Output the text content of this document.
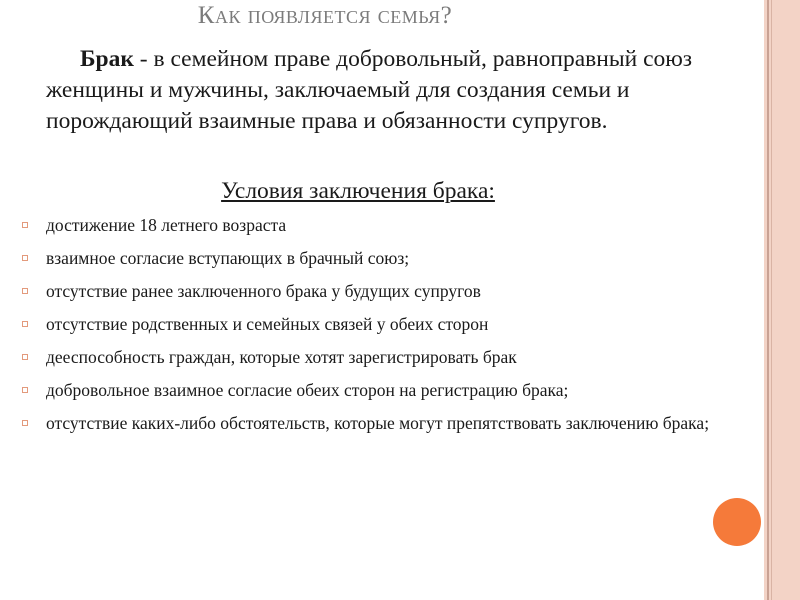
Как появляется семья?
Брак - в семейном праве добровольный, равноправный союз женщины и мужчины, заключаемый для создания семьи и порождающий взаимные права и обязанности супругов.
Условия заключения брака:
достижение 18 летнего возраста
взаимное согласие вступающих в брачный союз;
отсутствие ранее заключенного брака у будущих супругов
отсутствие родственных и семейных связей у обеих сторон
дееспособность граждан, которые хотят зарегистрировать брак
добровольное взаимное согласие обеих сторон на регистрацию брака;
отсутствие каких-либо обстоятельств, которые могут препятствовать заключению брака;
